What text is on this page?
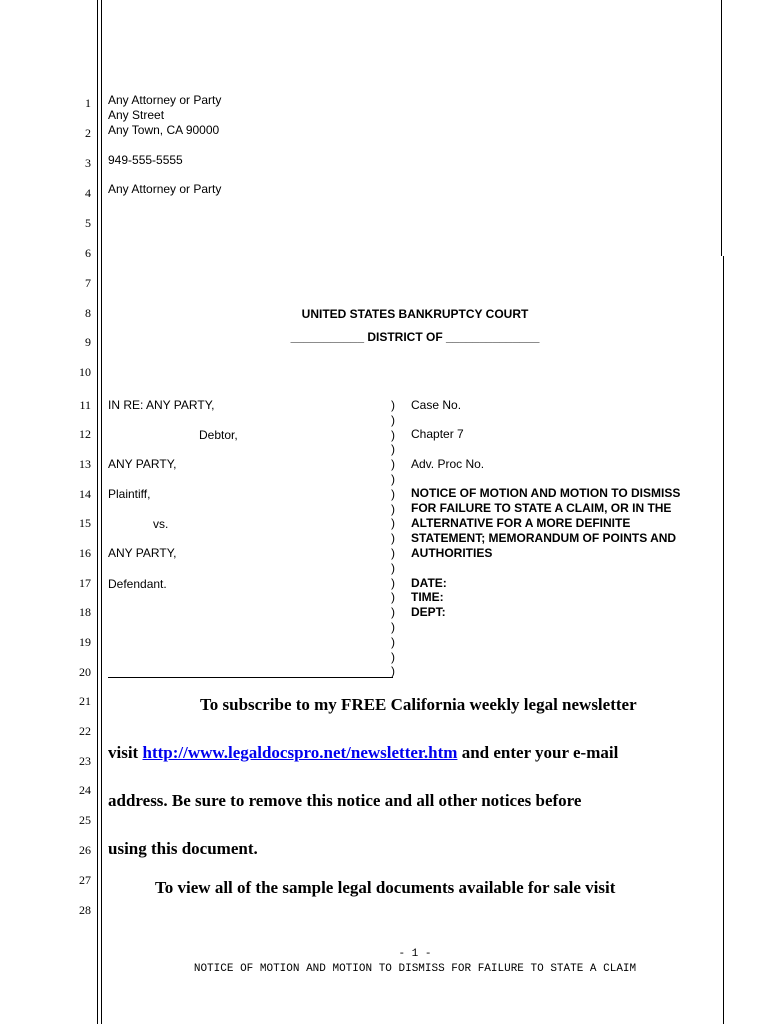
1
2
3
4
5
6
7
8
9
10
11
12
13
14
15
16
17
18
19
20
21
22
23
24
25
26
27
28
Any Attorney or Party
Any Street
Any Town, CA 90000
949-555-5555
Any Attorney or Party
UNITED STATES BANKRUPTCY COURT
___________ DISTRICT OF ______________
IN RE: ANY PARTY,
Debtor,
ANY PARTY,
Plaintiff,
vs.
ANY PARTY,
Defendant.
)
)
)
)
)
)
)
)
)
)
)
)
)
)
)
)
)
)
)
Case No.
Chapter 7
Adv. Proc No.
NOTICE OF MOTION AND MOTION TO DISMISS
FOR FAILURE TO STATE A CLAIM, OR IN THE
ALTERNATIVE FOR A MORE DEFINITE
STATEMENT; MEMORANDUM OF POINTS AND
AUTHORITIES
DATE:
TIME:
DEPT:
To subscribe to my FREE California weekly legal newsletter
visit http://www.legaldocspro.net/newsletter.htm and enter your e-mail
address. Be sure to remove this notice and all other notices before
using this document.
To view all of the sample legal documents available for sale visit
- 1 -
NOTICE OF MOTION AND MOTION TO DISMISS FOR FAILURE TO STATE A CLAIM
